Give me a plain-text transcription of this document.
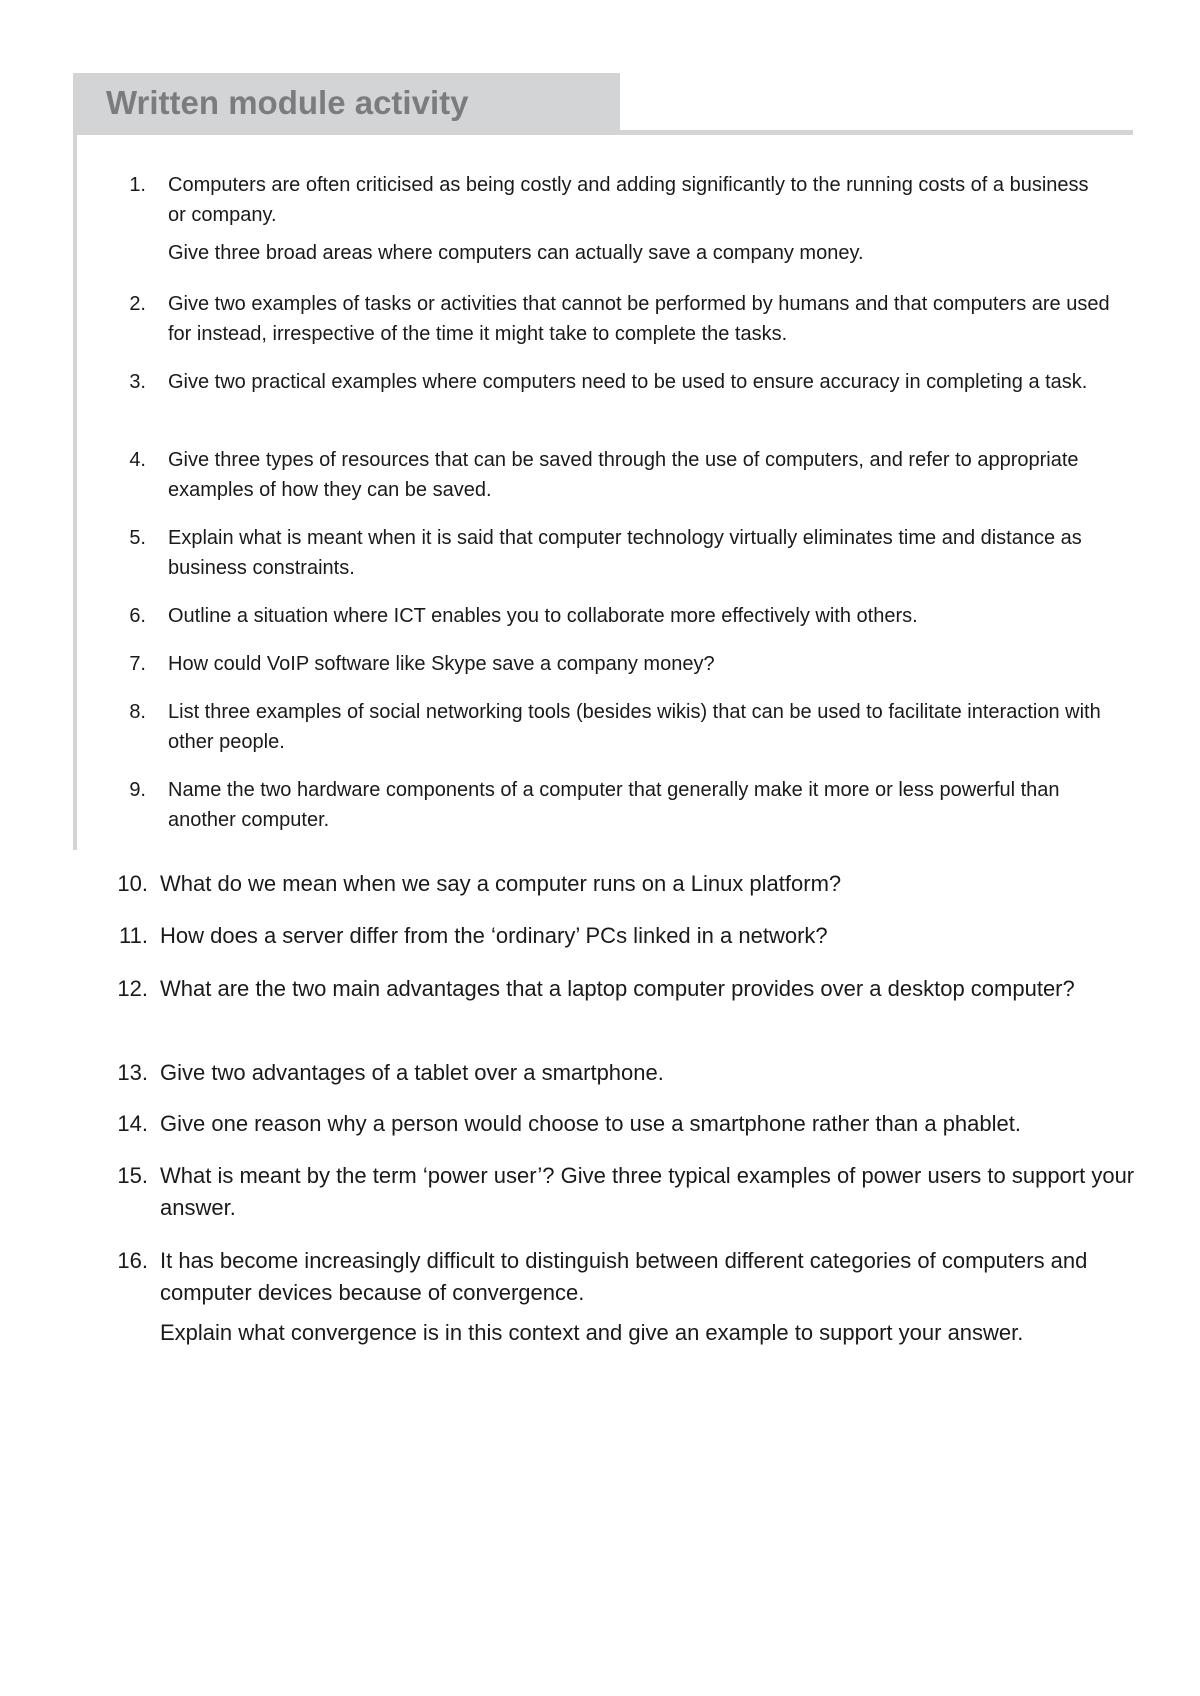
Written module activity
1. Computers are often criticised as being costly and adding significantly to the running costs of a business or company.

Give three broad areas where computers can actually save a company money.

2. Give two examples of tasks or activities that cannot be performed by humans and that computers are used for instead, irrespective of the time it might take to complete the tasks.

3. Give two practical examples where computers need to be used to ensure accuracy in completing a task.

4. Give three types of resources that can be saved through the use of computers, and refer to appropriate examples of how they can be saved.

5. Explain what is meant when it is said that computer technology virtually eliminates time and distance as business constraints.

6. Outline a situation where ICT enables you to collaborate more effectively with others.

7. How could VoIP software like Skype save a company money?

8. List three examples of social networking tools (besides wikis) that can be used to facilitate interaction with other people.

9. Name the two hardware components of a computer that generally make it more or less powerful than another computer.

10. What do we mean when we say a computer runs on a Linux platform?

11. How does a server differ from the ‘ordinary’ PCs linked in a network?

12. What are the two main advantages that a laptop computer provides over a desktop computer?

13. Give two advantages of a tablet over a smartphone.

14. Give one reason why a person would choose to use a smartphone rather than a phablet.

15. What is meant by the term ‘power user’? Give three typical examples of power users to support your answer.

16. It has become increasingly difficult to distinguish between different categories of computers and computer devices because of convergence.

Explain what convergence is in this context and give an example to support your answer.
